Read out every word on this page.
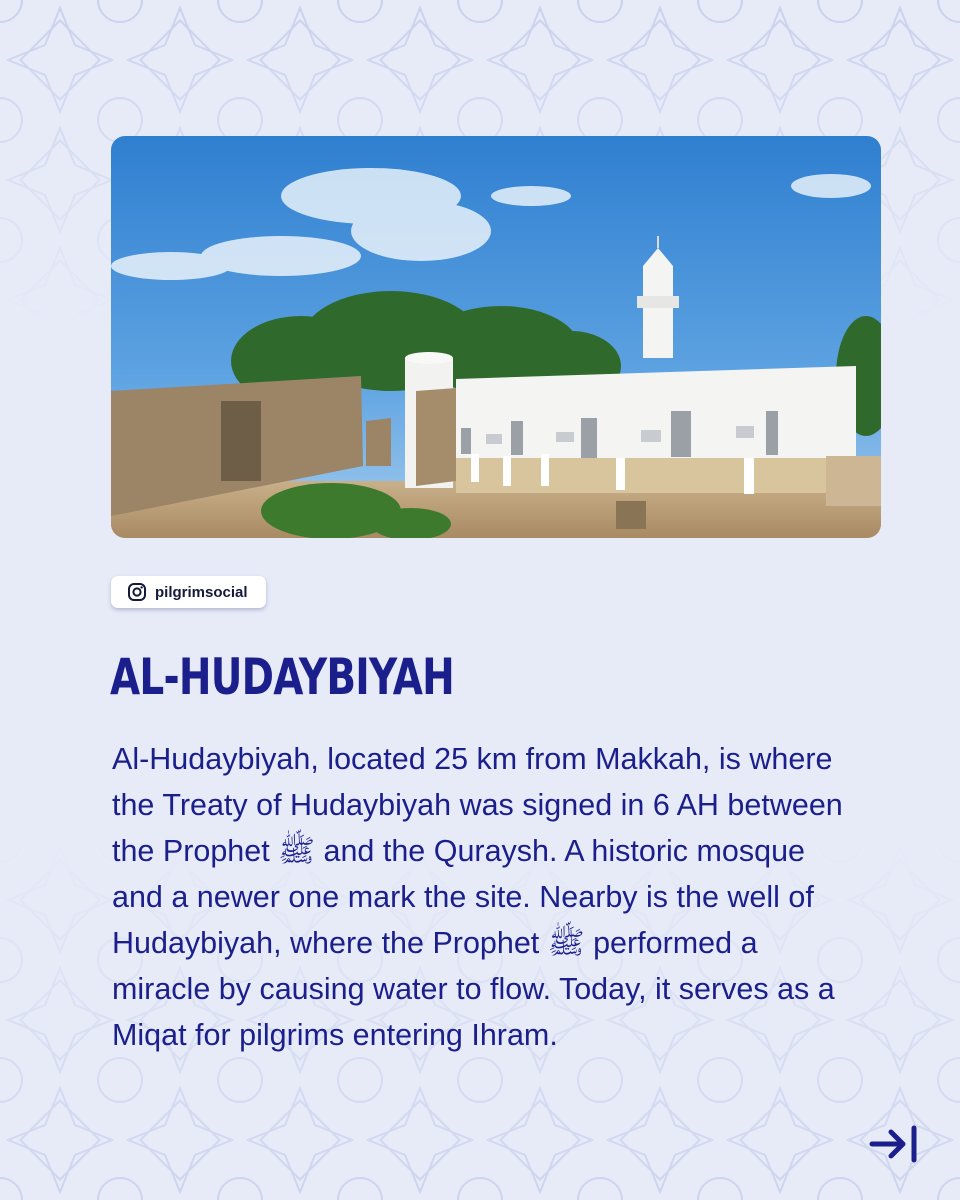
pilgrimsocial
AL-HUDAYBIYAH

Al-Hudaybiyah, located 25 km from Makkah, is where the Treaty of Hudaybiyah was signed in 6 AH between the Prophet ﷺ and the Quraysh. A historic mosque and a newer one mark the site. Nearby is the well of Hudaybiyah, where the Prophet ﷺ performed a miracle by causing water to flow. Today, it serves as a Miqat for pilgrims entering Ihram.
